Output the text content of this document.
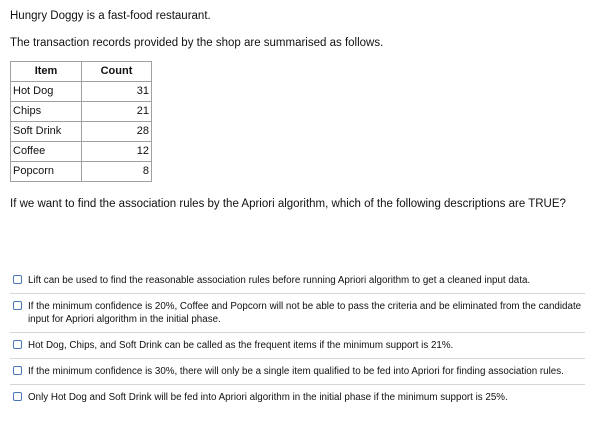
Hungry Doggy is a fast-food restaurant.
The transaction records provided by the shop are summarised as follows.
Item	Count
Hot Dog	31
Chips	21
Soft Drink	28
Coffee	12
Popcorn	8
If we want to find the association rules by the Apriori algorithm, which of the following descriptions are TRUE?
Lift can be used to find the reasonable association rules before running Apriori algorithm to get a cleaned input data.
If the minimum confidence is 20%, Coffee and Popcorn will not be able to pass the criteria and be eliminated from the candidate input for Apriori algorithm in the initial phase.
Hot Dog, Chips, and Soft Drink can be called as the frequent items if the minimum support is 21%.
If the minimum confidence is 30%, there will only be a single item qualified to be fed into Apriori for finding association rules.
Only Hot Dog and Soft Drink will be fed into Apriori algorithm in the initial phase if the minimum support is 25%.
